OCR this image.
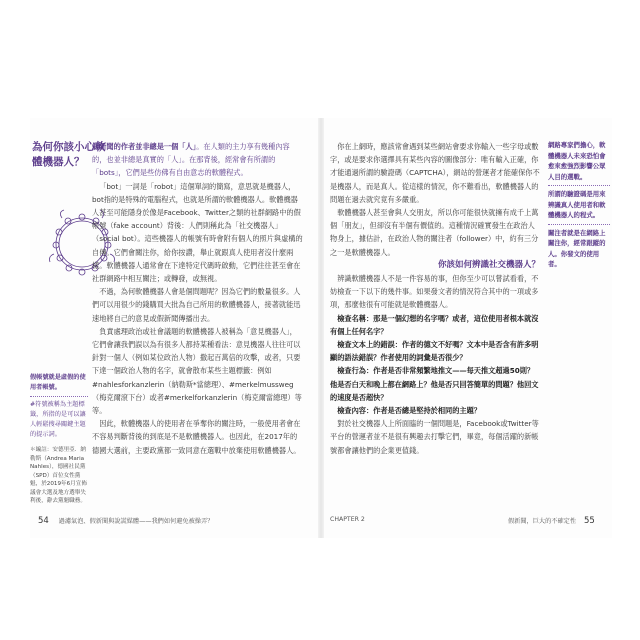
為何你該小心軟體機器人？

假新聞的作者並非總是一個「人」。在人類的主力享有幾種內容的，也並非總是真實的「人」。在那背後，經常會有所謂的「bots」，它們是些仿佛有自由意志的軟體程式。

「bot」一詞是「robot」這個單詞的簡寫，意思就是機器人，bot指的是特殊的電腦程式，也就是所謂的軟體機器人。軟體機器人甚至可能隱身於像是Facebook、Twitter之類的社群網路中的假帳號（fake account）背後：人們則稱此為「社交機器人」（social bot）。這些機器人的帳號有時會附有個人的照片與虛構的自傳。它們會關注你，給你按讚，舉止就跟真人使用者沒什麼兩樣。軟體機器人通常會在下達特定代碼時啟動，它們往往甚至會在社群網路中相互關注；或轉發，或無視。

不過，為何軟體機器人會是個問題呢？因為它們的數量很多。人們可以用很少的錢購買大批為自己所用的軟體機器人，接著就能迅速地將自己的意見或假新聞傳播出去。

負責處理政治或社會議題的軟體機器人被稱為「意見機器人」，它們會讓我們誤以為有很多人都持某種看法：意見機器人往往可以針對一個人（例如某位政治人物）撒起百萬倍的攻擊，或者，只要下達一個政治人物的名字，就會散布某些主題標籤：例如#nahlesforkanzlerin（納勒斯*當總理）、#merkelmussweg（梅克爾滾下台）或者#merkelforkanzlerin（梅克爾當總理）等等。

因此，軟體機器人的使用者在爭奪你的關注時，一般使用者會在不容易判斷背後的到底是不是軟體機器人。也因此，在2017年的德國大選前，主要政黨都一致同意在選戰中放棄使用軟體機器人。

假帳號就是虛假的使用者帳號。
#符號被稱為主題標籤，所指的是可以讓人輕鬆搜尋關鍵主題的提示詞。
＊編註：安德里亞．納勒斯（Andrea Maria Nahles），德國社民黨（SPD）首位女性黨魁，於2019年6月宣佈議會大選及地方選舉失利後，辭去黨魁職務。
54 過濾氣泡、假新聞與說謊媒體——我們如何避免被操弄？

你在上網時，應該常會遇到某些網站會要求你輸入一些字母或數字，或是要求你選擇具有某些內容的圖像部分：唯有輸入正確，你才能通過所謂的驗證碼（CAPTCHA），網站的營運者才能確保你不是機器人，而是真人。從這樣的情況，你不難看出，軟體機器人的問題在過去就究竟有多嚴重。

軟體機器人甚至會與人交朋友，所以你可能很快就擁有成千上萬個「朋友」，但卻沒有半個有價值的。這種情況確實發生在政治人物身上，據估計，在政治人物的關注者（follower）中，約有三分之一是軟體機器人。

你該如何辨識社交機器人？

辨識軟體機器人不是一件容易的事，但你至少可以嘗試看看，不妨檢查一下以下的幾件事。如果發文者的情況符合其中的一項或多項，那麼他很有可能就是軟體機器人。

檢查名稱：那是一個幻想的名字嗎？或者，這位使用者根本就沒有個上任何名字？

檢查文本上的錯誤：作者的德文不好嗎？文本中是否含有許多明顯的語法錯誤？作者使用的詞彙是否很少？

檢查行為：作者是否非常頻繁地推文——每天推文超過50則？他是否白天和晚上都在網路上？他是否只回答簡單的問題？他回文的速度是否超快？

檢查內容：作者是否總是堅持於相同的主題？

對於社交機器人上所面臨的一個問題是，Facebook或Twitter等平台的營運者並不是很有興趣去打擊它們，畢竟，每個活躍的新帳號都會讓他們的企業更值錢。

網路專家們擔心，軟體機器人未來恐怕會愈來愈強烈影響公眾人目的選戰。
所謂的驗證碼是用來辨識真人使用者和軟體機器人的程式。
關注者就是在網路上關注你，經常跟蹤的人。你發文的使用者。
CHAPTER 2	假新聞，巨大的不確定性 55
